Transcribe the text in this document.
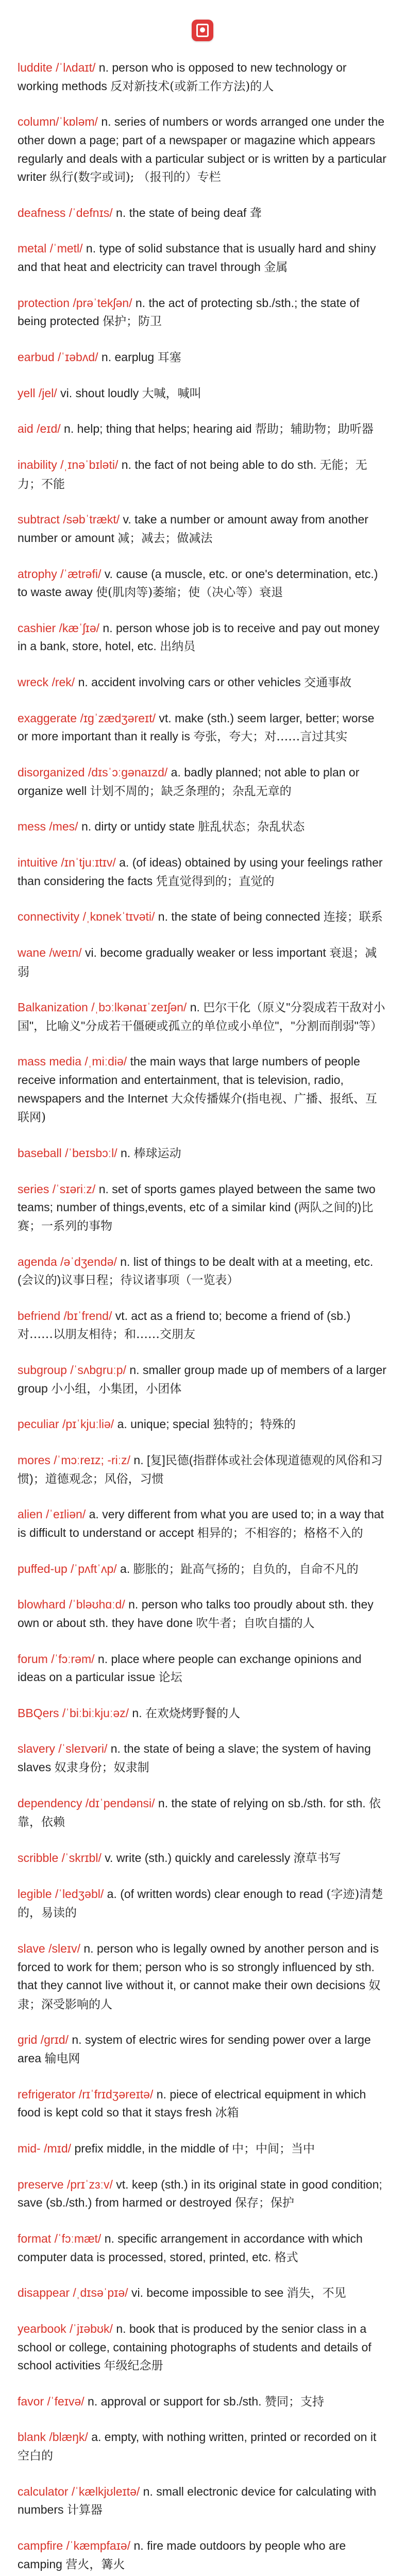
luddite /ˈlʌdaɪt/ n. person who is opposed to new technology or working methods 反对新技术(或新工作方法)的人

column/ˈkɒləm/ n. series of numbers or words arranged one under the other down a page; part of a newspaper or magazine which appears regularly and deals with a particular subject or is written by a particular writer 纵行(数字或词); （报刊的）专栏

deafness /ˈdefnɪs/ n. the state of being deaf 聋

metal /ˈmetl/ n. type of solid substance that is usually hard and shiny and that heat and electricity can travel through 金属

protection /prəˈtekʃən/ n. the act of protecting sb./sth.; the state of being protected 保护；防卫

earbud /ˈɪəbʌd/ n. earplug 耳塞

yell /jel/ vi. shout loudly 大喊，喊叫

aid /eɪd/ n. help; thing that helps; hearing aid 帮助；辅助物；助听器

inability /ˌɪnəˈbɪləti/ n. the fact of not being able to do sth. 无能；无力；不能

subtract /səbˈtrækt/ v. take a number or amount away from another number or amount 减；减去；做减法

atrophy /ˈætrəfi/ v. cause (a muscle, etc. or one's determination, etc.) to waste away 使(肌肉等)萎缩；使（决心等）衰退

cashier /kæˈʃɪə/ n. person whose job is to receive and pay out money in a bank, store, hotel, etc. 出纳员

wreck /rek/ n. accident involving cars or other vehicles 交通事故

exaggerate /ɪɡˈzædʒəreɪt/ vt. make (sth.) seem larger, better; worse or more important than it really is 夸张，夸大；对……言过其实

disorganized /dɪsˈɔːɡənaɪzd/ a. badly planned; not able to plan or organize well 计划不周的；缺乏条理的；杂乱无章的

mess /mes/ n. dirty or untidy state 脏乱状态；杂乱状态

intuitive /ɪnˈtjuːɪtɪv/ a. (of ideas) obtained by using your feelings rather than considering the facts 凭直觉得到的；直觉的

connectivity /ˌkɒnekˈtɪvəti/ n. the state of being connected 连接；联系

wane /weɪn/ vi. become gradually weaker or less important 衰退；减弱

Balkanization /ˌbɔːlkənaɪˈzeɪʃən/ n. 巴尔干化（原义"分裂成若干敌对小国"，比喻义"分成若干僵硬或孤立的单位或小单位"，"分割而削弱"等）

mass media /ˌmiːdiə/ the main ways that large numbers of people receive information and entertainment, that is television, radio, newspapers and the Internet 大众传播媒介(指电视、广播、报纸、互联网)

baseball /ˈbeɪsbɔːl/ n. 棒球运动

series /ˈsɪəriːz/ n. set of sports games played between the same two teams; number of things,events, etc of a similar kind (两队之间的)比赛；一系列的事物

agenda /əˈdʒendə/ n. list of things to be dealt with at a meeting, etc. (会议的)议事日程；待议诸事项（一览表）

befriend /bɪˈfrend/ vt. act as a friend to; become a friend of (sb.) 对……以朋友相待；和……交朋友

subgroup /ˈsʌbɡruːp/ n. smaller group made up of members of a larger group 小小组，小集团，小团体

peculiar /pɪˈkjuːliə/ a. unique; special 独特的；特殊的

mores /ˈmɔːreɪz; -riːz/ n. [复]民德(指群体或社会体现道德观的风俗和习惯)；道德观念；风俗，习惯

alien /ˈeɪliən/ a. very different from what you are used to; in a way that is difficult to understand or accept 相异的；不相容的；格格不入的

puffed-up /ˈpʌftˈʌp/ a. 膨胀的；趾高气扬的；自负的，自命不凡的

blowhard /ˈbləʊhɑːd/ n. person who talks too proudly about sth. they own or about sth. they have done 吹牛者；自吹自擂的人

forum /ˈfɔːrəm/ n. place where people can exchange opinions and ideas on a particular issue 论坛

BBQers /ˈbiːbiːkjuːəz/ n. 在欢烧烤野餐的人

slavery /ˈsleɪvəri/ n. the state of being a slave; the system of having slaves 奴隶身份；奴隶制

dependency /dɪˈpendənsi/ n. the state of relying on sb./sth. for sth. 依靠，依赖

scribble /ˈskrɪbl/ v. write (sth.) quickly and carelessly 潦草书写

legible /ˈledʒəbl/ a. (of written words) clear enough to read (字迹)清楚的，易读的

slave /sleɪv/ n. person who is legally owned by another person and is forced to work for them; person who is so strongly influenced by sth. that they cannot live without it, or cannot make their own decisions 奴隶；深受影响的人

grid /ɡrɪd/ n. system of electric wires for sending power over a large area 输电网

refrigerator /rɪˈfrɪdʒəreɪtə/ n. piece of electrical equipment in which food is kept cold so that it stays fresh 冰箱

mid- /mɪd/ prefix middle, in the middle of 中；中间；当中

preserve /prɪˈzɜːv/ vt. keep (sth.) in its original state in good condition; save (sb./sth.) from harmed or destroyed 保存；保护

format /ˈfɔːmæt/ n. specific arrangement in accordance with which computer data is processed, stored, printed, etc. 格式

disappear /ˌdɪsəˈpɪə/ vi. become impossible to see 消失，不见

yearbook /ˈjɪəbʊk/ n. book that is produced by the senior class in a school or college, containing photographs of students and details of school activities 年级纪念册

favor /ˈfeɪvə/ n. approval or support for sb./sth. 赞同；支持

blank /blæŋk/ a. empty, with nothing written, printed or recorded on it 空白的

calculator /ˈkælkjʊleɪtə/ n. small electronic device for calculating with numbers 计算器

campfire /ˈkæmpfaɪə/ n. fire made outdoors by people who are camping 营火，篝火
